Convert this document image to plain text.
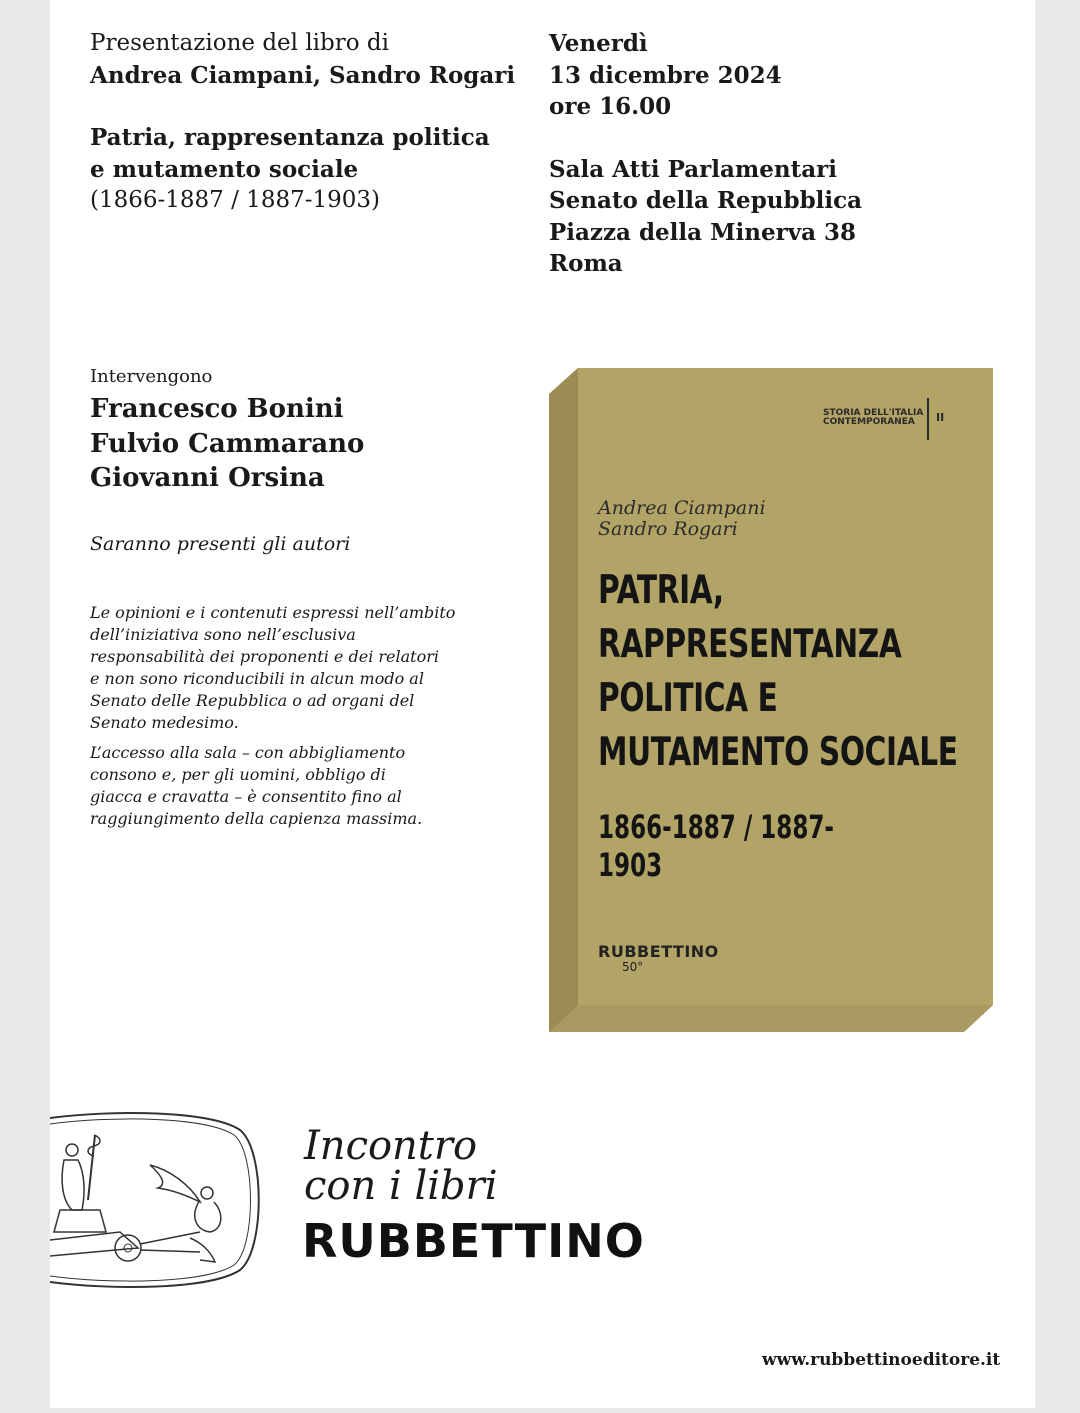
Presentazione del libro di
Andrea Ciampani, Sandro Rogari
Patria, rappresentanza politica
e mutamento sociale
(1866-1887 / 1887-1903)
Venerdì
13 dicembre 2024
ore 16.00
Sala Atti Parlamentari
Senato della Repubblica
Piazza della Minerva 38
Roma
Intervengono
Francesco Bonini
Fulvio Cammarano
Giovanni Orsina
Saranno presenti gli autori

Le opinioni e i contenuti espressi nell’ambito
dell’iniziativa sono nell’esclusiva
responsabilità dei proponenti e dei relatori
e non sono riconducibili in alcun modo al
Senato delle Repubblica o ad organi del
Senato medesimo.

L’accesso alla sala – con abbigliamento
consono e, per gli uomini, obbligo di
giacca e cravatta – è consentito fino al
raggiungimento della capienza massima.

STORIA DELL'ITALIA
CONTEMPORANEA	II
Andrea Ciampani
Sandro Rogari
PATRIA,
RAPPRESENTANZA
POLITICA E
MUTAMENTO SOCIALE
1866-1887 / 1887-1903
RUBBETTINO
50°
Incontro
con i libri
RUBBETTINO
www.rubbettinoeditore.it
